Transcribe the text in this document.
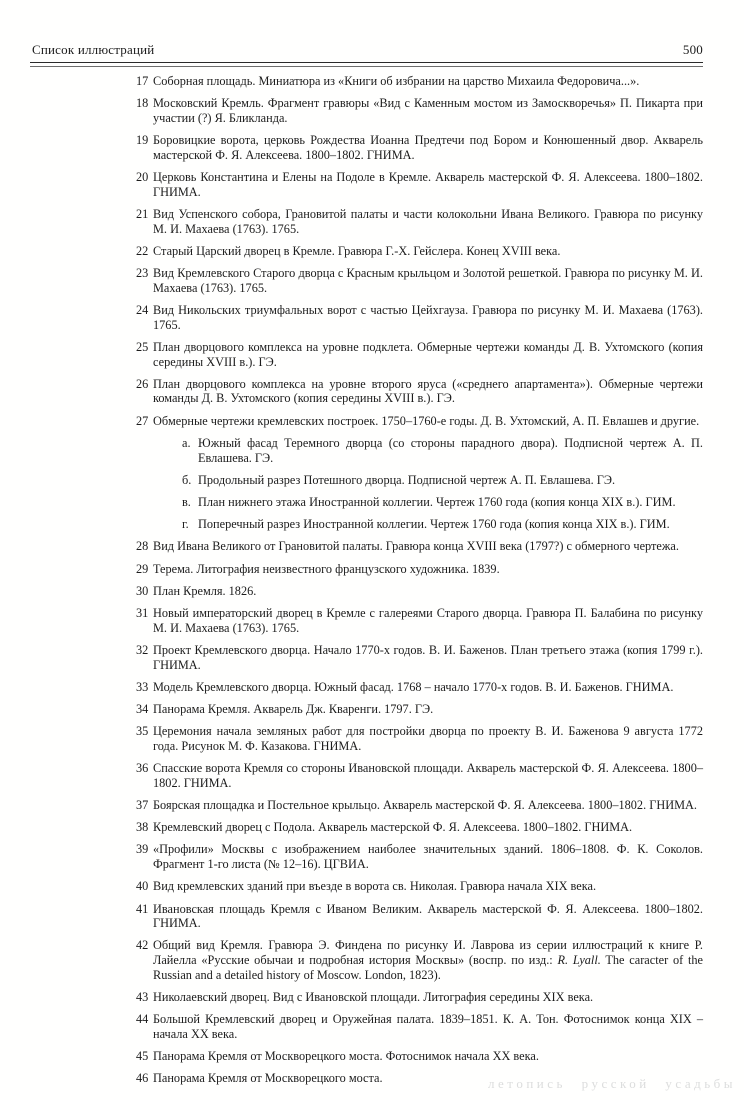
Список иллюстраций	500
17 Соборная площадь. Миниатюра из «Книги об избрании на царство Михаила Федоровича...».
18 Московский Кремль. Фрагмент гравюры «Вид с Каменным мостом из Замоскворечья» П. Пикарта при участии (?) Я. Бликланда.
19 Боровицкие ворота, церковь Рождества Иоанна Предтечи под Бором и Конюшенный двор. Акварель мастерской Ф. Я. Алексеева. 1800–1802. ГНИМА.
20 Церковь Константина и Елены на Подоле в Кремле. Акварель мастерской Ф. Я. Алексеева. 1800–1802. ГНИМА.
21 Вид Успенского собора, Грановитой палаты и части колокольни Ивана Великого. Гравюра по рисунку М. И. Махаева (1763). 1765.
22 Старый Царский дворец в Кремле. Гравюра Г.-Х. Гейслера. Конец XVIII века.
23 Вид Кремлевского Старого дворца с Красным крыльцом и Золотой решеткой. Гравюра по рисунку М. И. Махаева (1763). 1765.
24 Вид Никольских триумфальных ворот с частью Цейхгауза. Гравюра по рисунку М. И. Махаева (1763). 1765.
25 План дворцового комплекса на уровне подклета. Обмерные чертежи команды Д. В. Ухтомского (копия середины XVIII в.). ГЭ.
26 План дворцового комплекса на уровне второго яруса («среднего апартамента»). Обмерные чертежи команды Д. В. Ухтомского (копия середины XVIII в.). ГЭ.
27 Обмерные чертежи кремлевских построек. 1750–1760-е годы. Д. В. Ухтомский, А. П. Евлашев и другие.
а. Южный фасад Теремного дворца (со стороны парадного двора). Подписной чертеж А. П. Евлашева. ГЭ.
б. Продольный разрез Потешного дворца. Подписной чертеж А. П. Евлашева. ГЭ.
в. План нижнего этажа Иностранной коллегии. Чертеж 1760 года (копия конца XIX в.). ГИМ.
г. Поперечный разрез Иностранной коллегии. Чертеж 1760 года (копия конца XIX в.). ГИМ.
28 Вид Ивана Великого от Грановитой палаты. Гравюра конца XVIII века (1797?) с обмерного чертежа.
29 Терема. Литография неизвестного французского художника. 1839.
30 План Кремля. 1826.
31 Новый императорский дворец в Кремле с галереями Старого дворца. Гравюра П. Балабина по рисунку М. И. Махаева (1763). 1765.
32 Проект Кремлевского дворца. Начало 1770-х годов. В. И. Баженов. План третьего этажа (копия 1799 г.). ГНИМА.
33 Модель Кремлевского дворца. Южный фасад. 1768 – начало 1770-х годов. В. И. Баженов. ГНИМА.
34 Панорама Кремля. Акварель Дж. Кваренги. 1797. ГЭ.
35 Церемония начала земляных работ для постройки дворца по проекту В. И. Баженова 9 августа 1772 года. Рисунок М. Ф. Казакова. ГНИМА.
36 Спасские ворота Кремля со стороны Ивановской площади. Акварель мастерской Ф. Я. Алексеева. 1800–1802. ГНИМА.
37 Боярская площадка и Постельное крыльцо. Акварель мастерской Ф. Я. Алексеева. 1800–1802. ГНИМА.
38 Кремлевский дворец с Подола. Акварель мастерской Ф. Я. Алексеева. 1800–1802. ГНИМА.
39 «Профили» Москвы с изображением наиболее значительных зданий. 1806–1808. Ф. К. Соколов. Фрагмент 1-го листа (№ 12–16). ЦГВИА.
40 Вид кремлевских зданий при въезде в ворота св. Николая. Гравюра начала XIX века.
41 Ивановская площадь Кремля с Иваном Великим. Акварель мастерской Ф. Я. Алексеева. 1800–1802. ГНИМА.
42 Общий вид Кремля. Гравюра Э. Финдена по рисунку И. Лаврова из серии иллюстраций к книге Р. Лайелла «Русские обычаи и подробная история Москвы» (воспр. по изд.: R. Lyall. The caracter of the Russian and a detailed history of Moscow. London, 1823).
43 Николаевский дворец. Вид с Ивановской площади. Литография середины XIX века.
44 Большой Кремлевский дворец и Оружейная палата. 1839–1851. К. А. Тон. Фотоснимок конца XIX – начала XX века.
45 Панорама Кремля от Москворецкого моста. Фотоснимок начала XX века.
46 Панорама Кремля от Москворецкого моста.	летопись русской усадьбы
